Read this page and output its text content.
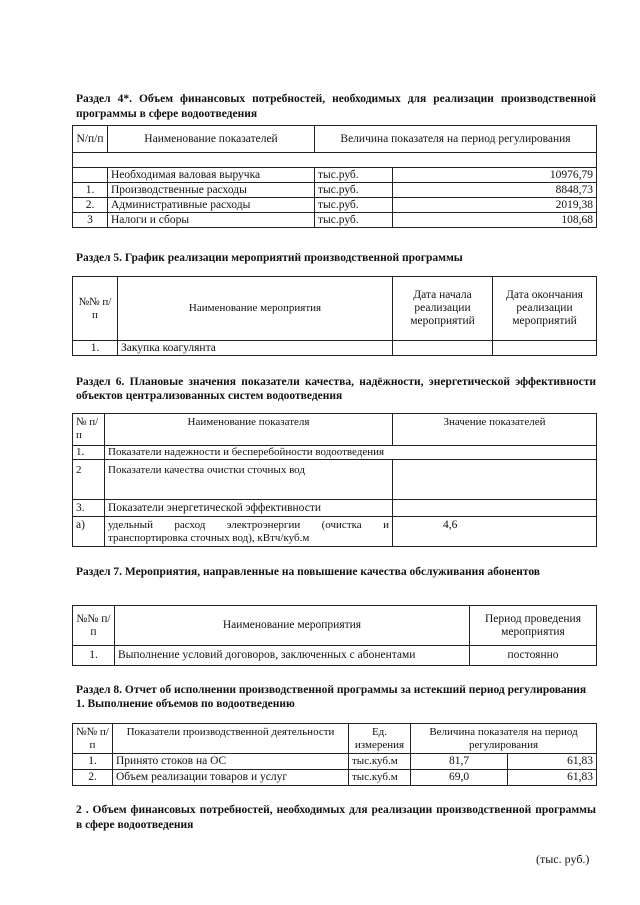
Раздел 4*. Объем финансовых потребностей, необходимых для реализации производственной
программы в сфере водоотведения
N/п/п	Наименование показателей	Величина показателя на период регулирования	

	Необходимая валовая выручка	тыс.руб.	10976,79
1.	Производственные расходы	тыс.руб.	8848,73
2.	Административные расходы	тыс.руб.	2019,38
3	Налоги и сборы	тыс.руб.	108,68
Раздел 5. График реализации мероприятий производственной программы
№№ п/п	Наименование мероприятия	Дата начала реализации мероприятий	Дата окончания реализации мероприятий
1.	Закупка коагулянта		
Раздел 6. Плановые значения показатели качества, надёжности, энергетической эффективности
объектов централизованных систем водоотведения
№ п/п	Наименование показателя	Значение показателей
1.	Показатели надежности и бесперебойности водоотведения	
2	Показатели качества очистки сточных вод	
3.	Показатели энергетической эффективности	
а)	удельный расход электроэнергии (очистка и
транспортировка сточных вод), кВтч/куб.м	4,6
Раздел 7. Мероприятия, направленные на повышение качества обслуживания абонентов
№№ п/п	Наименование мероприятия	Период проведения мероприятия
1.	Выполнение условий договоров, заключенных с абонентами	постоянно
Раздел 8. Отчет об исполнении производственной программы за истекший период регулирования
1. Выполнение объемов по водоотведению
№№ п/п	Показатели производственной деятельности	Ед. измерения	Величина показателя на период регулирования	
1.	Принято стоков на ОС	тыс.куб.м	81,7	61,83
2.	Объем реализации товаров и услуг	тыс.куб.м	69,0	61,83
2 . Объем финансовых потребностей, необходимых для реализации производственной программы
в сфере водоотведения
(тыс. руб.)
